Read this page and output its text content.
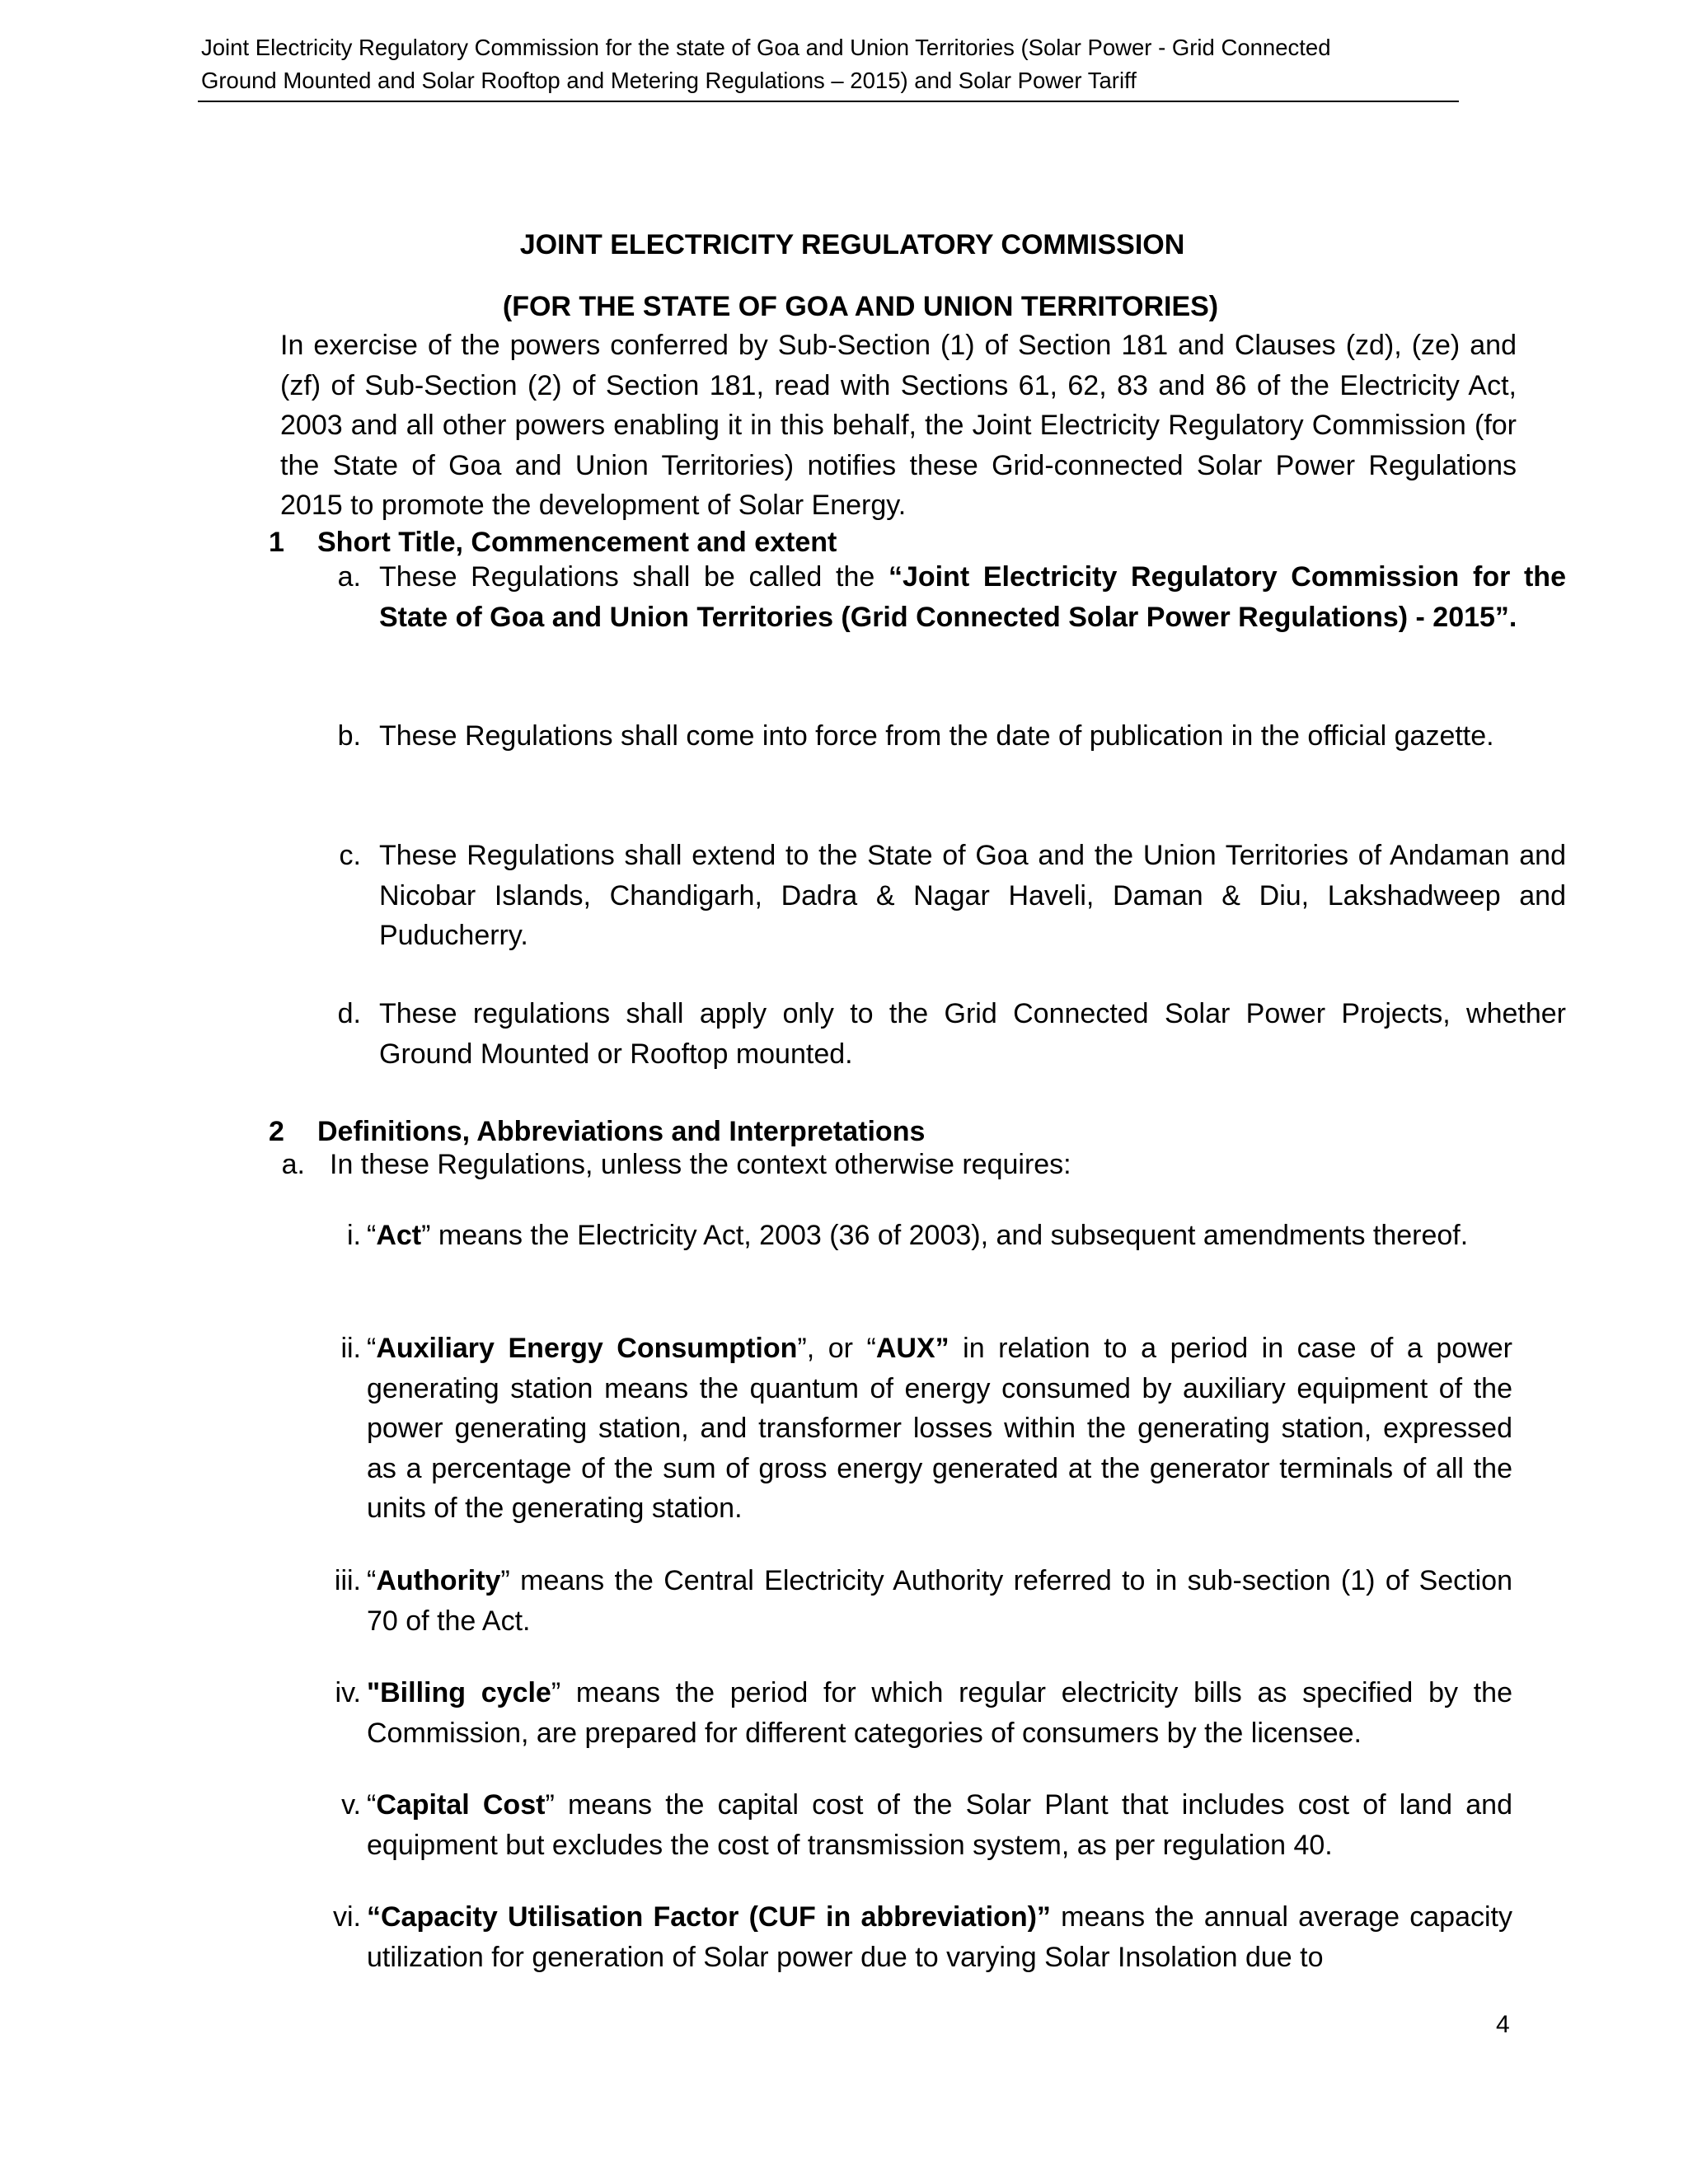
Joint Electricity Regulatory Commission for the state of Goa and Union Territories (Solar Power - Grid Connected
Ground Mounted and Solar Rooftop and Metering Regulations – 2015) and Solar Power Tariff
JOINT ELECTRICITY REGULATORY COMMISSION
(FOR THE STATE OF GOA AND UNION TERRITORIES)
In exercise of the powers conferred by Sub-Section (1) of Section 181 and Clauses (zd), (ze) and (zf) of Sub-Section (2) of Section 181, read with Sections 61, 62, 83 and 86 of the Electricity Act, 2003 and all other powers enabling it in this behalf, the Joint Electricity Regulatory Commission (for the State of Goa and Union Territories) notifies these Grid-connected Solar Power Regulations 2015 to promote the development of Solar Energy.
1 Short Title, Commencement and extent
a. These Regulations shall be called the “Joint Electricity Regulatory Commission for the State of Goa and Union Territories (Grid Connected Solar Power Regulations) - 2015”.
b. These Regulations shall come into force from the date of publication in the official gazette.
c. These Regulations shall extend to the State of Goa and the Union Territories of Andaman and Nicobar Islands, Chandigarh, Dadra & Nagar Haveli, Daman & Diu, Lakshadweep and Puducherry.
d. These regulations shall apply only to the Grid Connected Solar Power Projects, whether Ground Mounted or Rooftop mounted.
2 Definitions, Abbreviations and Interpretations
a. In these Regulations, unless the context otherwise requires:
i. “Act” means the Electricity Act, 2003 (36 of 2003), and subsequent amendments thereof.
ii. “Auxiliary Energy Consumption”, or “AUX” in relation to a period in case of a power generating station means the quantum of energy consumed by auxiliary equipment of the power generating station, and transformer losses within the generating station, expressed as a percentage of the sum of gross energy generated at the generator terminals of all the units of the generating station.
iii. “Authority” means the Central Electricity Authority referred to in sub-section (1) of Section 70 of the Act.
iv. "Billing cycle” means the period for which regular electricity bills as specified by the Commission, are prepared for different categories of consumers by the licensee.
v. “Capital Cost” means the capital cost of the Solar Plant that includes cost of land and equipment but excludes the cost of transmission system, as per regulation 40.
vi. “Capacity Utilisation Factor (CUF in abbreviation)” means the annual average capacity utilization for generation of Solar power due to varying Solar Insolation due to
4
